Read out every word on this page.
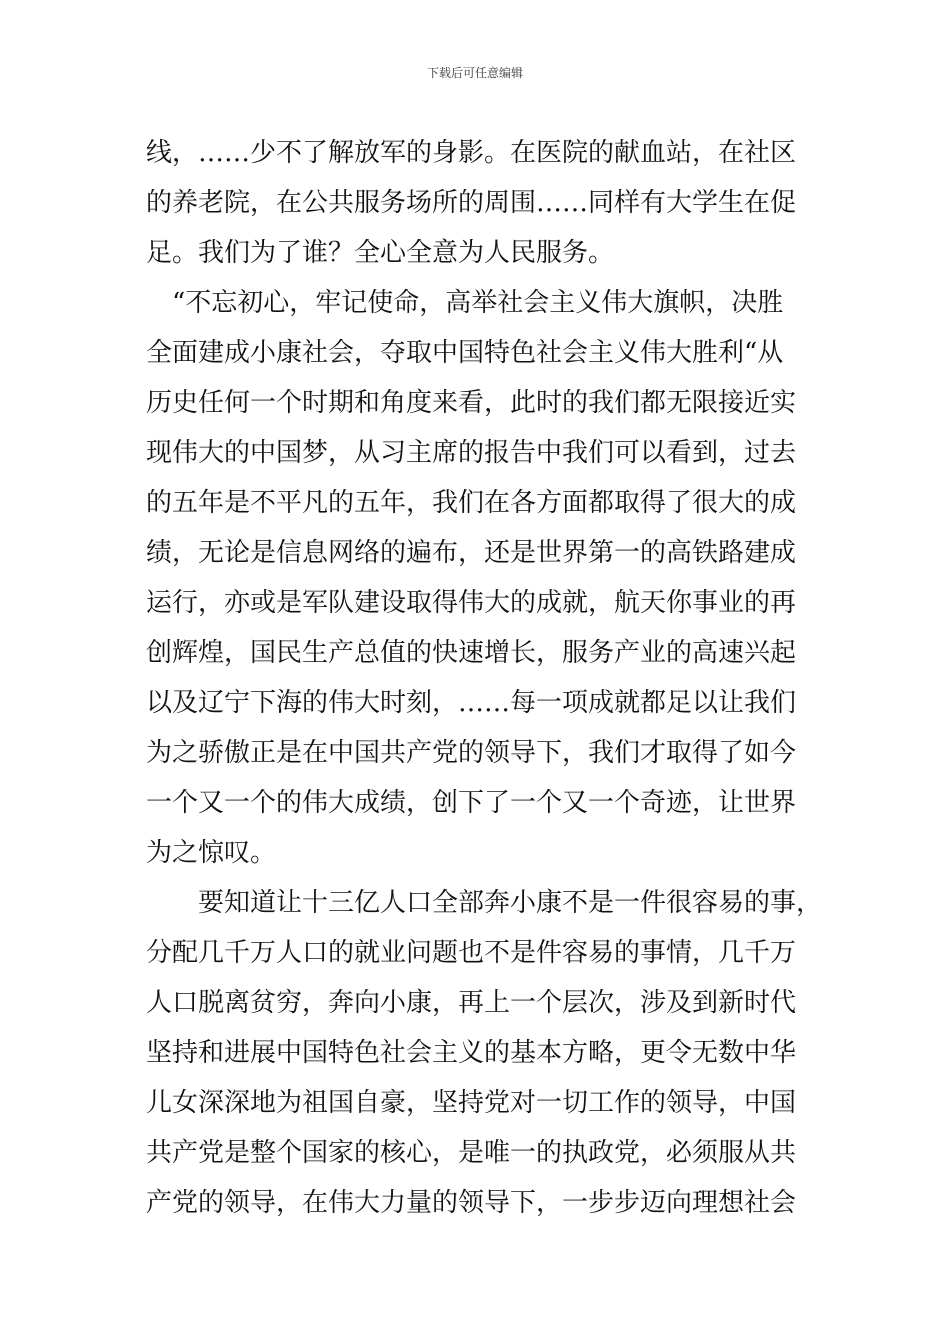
下载后可任意编辑
线，……少不了解放军的身影。在医院的献血站，在社区
的养老院，在公共服务场所的周围……同样有大学生在促
足。我们为了谁？全心全意为人民服务。
“不忘初心，牢记使命，高举社会主义伟大旗帜，决胜
全面建成小康社会，夺取中国特色社会主义伟大胜利“从
历史任何一个时期和角度来看，此时的我们都无限接近实
现伟大的中国梦，从习主席的报告中我们可以看到，过去
的五年是不平凡的五年，我们在各方面都取得了很大的成
绩，无论是信息网络的遍布，还是世界第一的高铁路建成
运行，亦或是军队建设取得伟大的成就，航天你事业的再
创辉煌，国民生产总值的快速增长，服务产业的高速兴起
以及辽宁下海的伟大时刻，……每一项成就都足以让我们
为之骄傲正是在中国共产党的领导下，我们才取得了如今
一个又一个的伟大成绩，创下了一个又一个奇迹，让世界
为之惊叹。
要知道让十三亿人口全部奔小康不是一件很容易的事，
分配几千万人口的就业问题也不是件容易的事情，几千万
人口脱离贫穷，奔向小康，再上一个层次，涉及到新时代
坚持和进展中国特色社会主义的基本方略，更令无数中华
儿女深深地为祖国自豪，坚持党对一切工作的领导，中国
共产党是整个国家的核心，是唯一的执政党，必须服从共
产党的领导，在伟大力量的领导下，一步步迈向理想社会
